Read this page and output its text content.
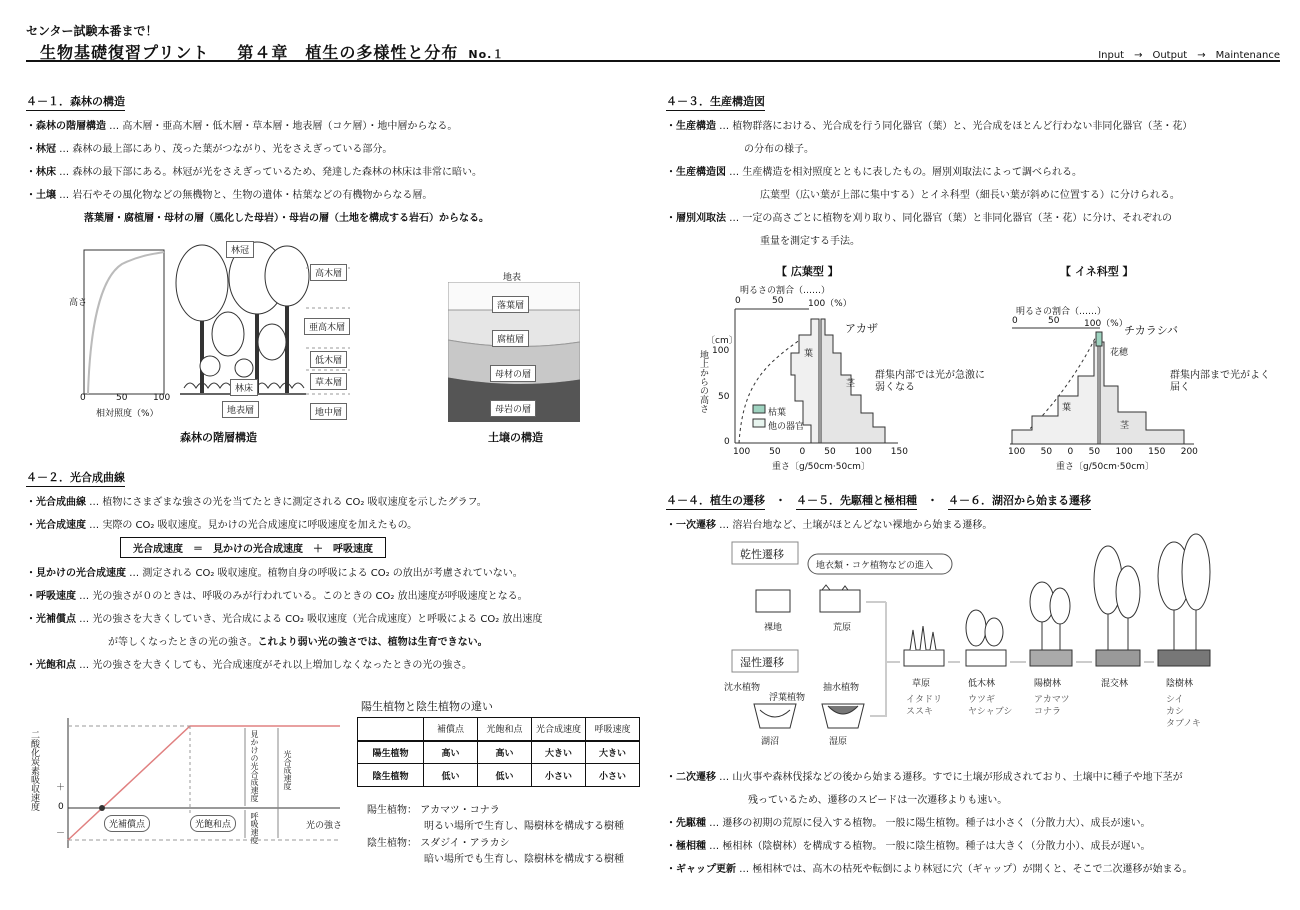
センター試験本番まで！
生物基礎復習プリント 第４章　植生の多様性と分布 No.１	Input　→　Output　→　Maintenance
４－１．森林の構造
・森林の階層構造 … 高木層・亜高木層・低木層・草本層・地表層（コケ層）・地中層からなる。
・林冠 … 森林の最上部にあり、茂った葉がつながり、光をさえぎっている部分。
・林床 … 森林の最下部にある。林冠が光をさえぎっているため、発達した森林の林床は非常に暗い。
・土壌 … 岩石やその風化物などの無機物と、生物の遺体・枯葉などの有機物からなる層。
落葉層・腐植層・母材の層（風化した母岩）・母岩の層（土地を構成する岩石）からなる。
高さ
0	50	100
相対照度（%）
林冠
林床
高木層
亜高木層
低木層
草本層
地表層	地中層
森林の階層構造
地表
落葉層
腐植層
母材の層
母岩の層
土壌の構造
４－２．光合成曲線
・光合成曲線 … 植物にさまざまな強さの光を当てたときに測定される CO₂ 吸収速度を示したグラフ。
・光合成速度 … 実際の CO₂ 吸収速度。見かけの光合成速度に呼吸速度を加えたもの。
光合成速度　＝　見かけの光合成速度　＋　呼吸速度
・見かけの光合成速度 … 測定される CO₂ 吸収速度。植物自身の呼吸による CO₂ の放出が考慮されていない。
・呼吸速度 … 光の強さが０のときは、呼吸のみが行われている。このときの CO₂ 放出速度が呼吸速度となる。
・光補償点 … 光の強さを大きくしていき、光合成による CO₂ 吸収速度（光合成速度）と呼吸による CO₂ 放出速度
が等しくなったときの光の強さ。これより弱い光の強さでは、植物は生育できない。
・光飽和点 … 光の強さを大きくしても、光合成速度がそれ以上増加しなくなったときの光の強さ。
二酸化炭素吸収速度 ＋
0
－
光補償点	光飽和点	光の強さ
見かけの光合成速度	光合成速度
呼吸速度
陽生植物と陰生植物の違い
	補償点	光飽和点	光合成速度	呼吸速度
陽生植物	高い	高い	大きい	大きい
陰生植物	低い	低い	小さい	小さい
陽生植物： アカマツ・コナラ
明るい場所で生育し、陽樹林を構成する樹種
陰生植物： スダジイ・アラカシ
暗い場所でも生育し、陰樹林を構成する樹種
４－３．生産構造図
・生産構造 … 植物群落における、光合成を行う同化器官（葉）と、光合成をほとんど行わない非同化器官（茎・花）
の分布の様子。
・生産構造図 … 生産構造を相対照度とともに表したもの。層別刈取法によって調べられる。
広葉型（広い葉が上部に集中する）とイネ科型（細長い葉が斜めに位置する）に分けられる。
・層別刈取法 … 一定の高さごとに植物を刈り取り、同化器官（葉）と非同化器官（茎・花）に分け、それぞれの
重量を測定する手法。
【 広葉型 】
明るさの割合（‥‥‥）
0	50	100（%）
〔cm〕
100
50
0
地上からの高さ
アカザ
葉
茎
枯葉
他の器官
群集内部では光が急激に弱くなる
100 50 0 50 100 150
重さ〔g/50cm·50cm〕
【 イネ科型 】
明るさの割合（‥‥‥）
0	50	100（%）
チカラシバ
花穂
葉
茎
群集内部まで光がよく届く
100 50 0 50 100 150 200
重さ〔g/50cm·50cm〕
４－４．植生の遷移 ・ ４－５．先駆種と極相種 ・ ４－６．湖沼から始まる遷移
・一次遷移 … 溶岩台地など、土壌がほとんどない裸地から始まる遷移。
乾性遷移
湿性遷移
地衣類・コケ植物などの進入
裸地	荒原
沈水植物
浮葉植物
抽水植物
湖沼	湿原
草原	低木林	陽樹林	混交林	陰樹林
イタドリ
ススキ
ウツギ
ヤシャブシ
アカマツ
コナラ
シイ
カシ
タブノキ
・二次遷移 … 山火事や森林伐採などの後から始まる遷移。すでに土壌が形成されており、土壌中に種子や地下茎が
残っているため、遷移のスピードは一次遷移よりも速い。
・先駆種 … 遷移の初期の荒原に侵入する植物。 一般に陽生植物。種子は小さく（分散力大）、成長が速い。
・極相種 … 極相林（陰樹林）を構成する植物。 一般に陰生植物。種子は大きく（分散力小）、成長が遅い。
・ギャップ更新 … 極相林では、高木の枯死や転倒により林冠に穴（ギャップ）が開くと、そこで二次遷移が始まる。
